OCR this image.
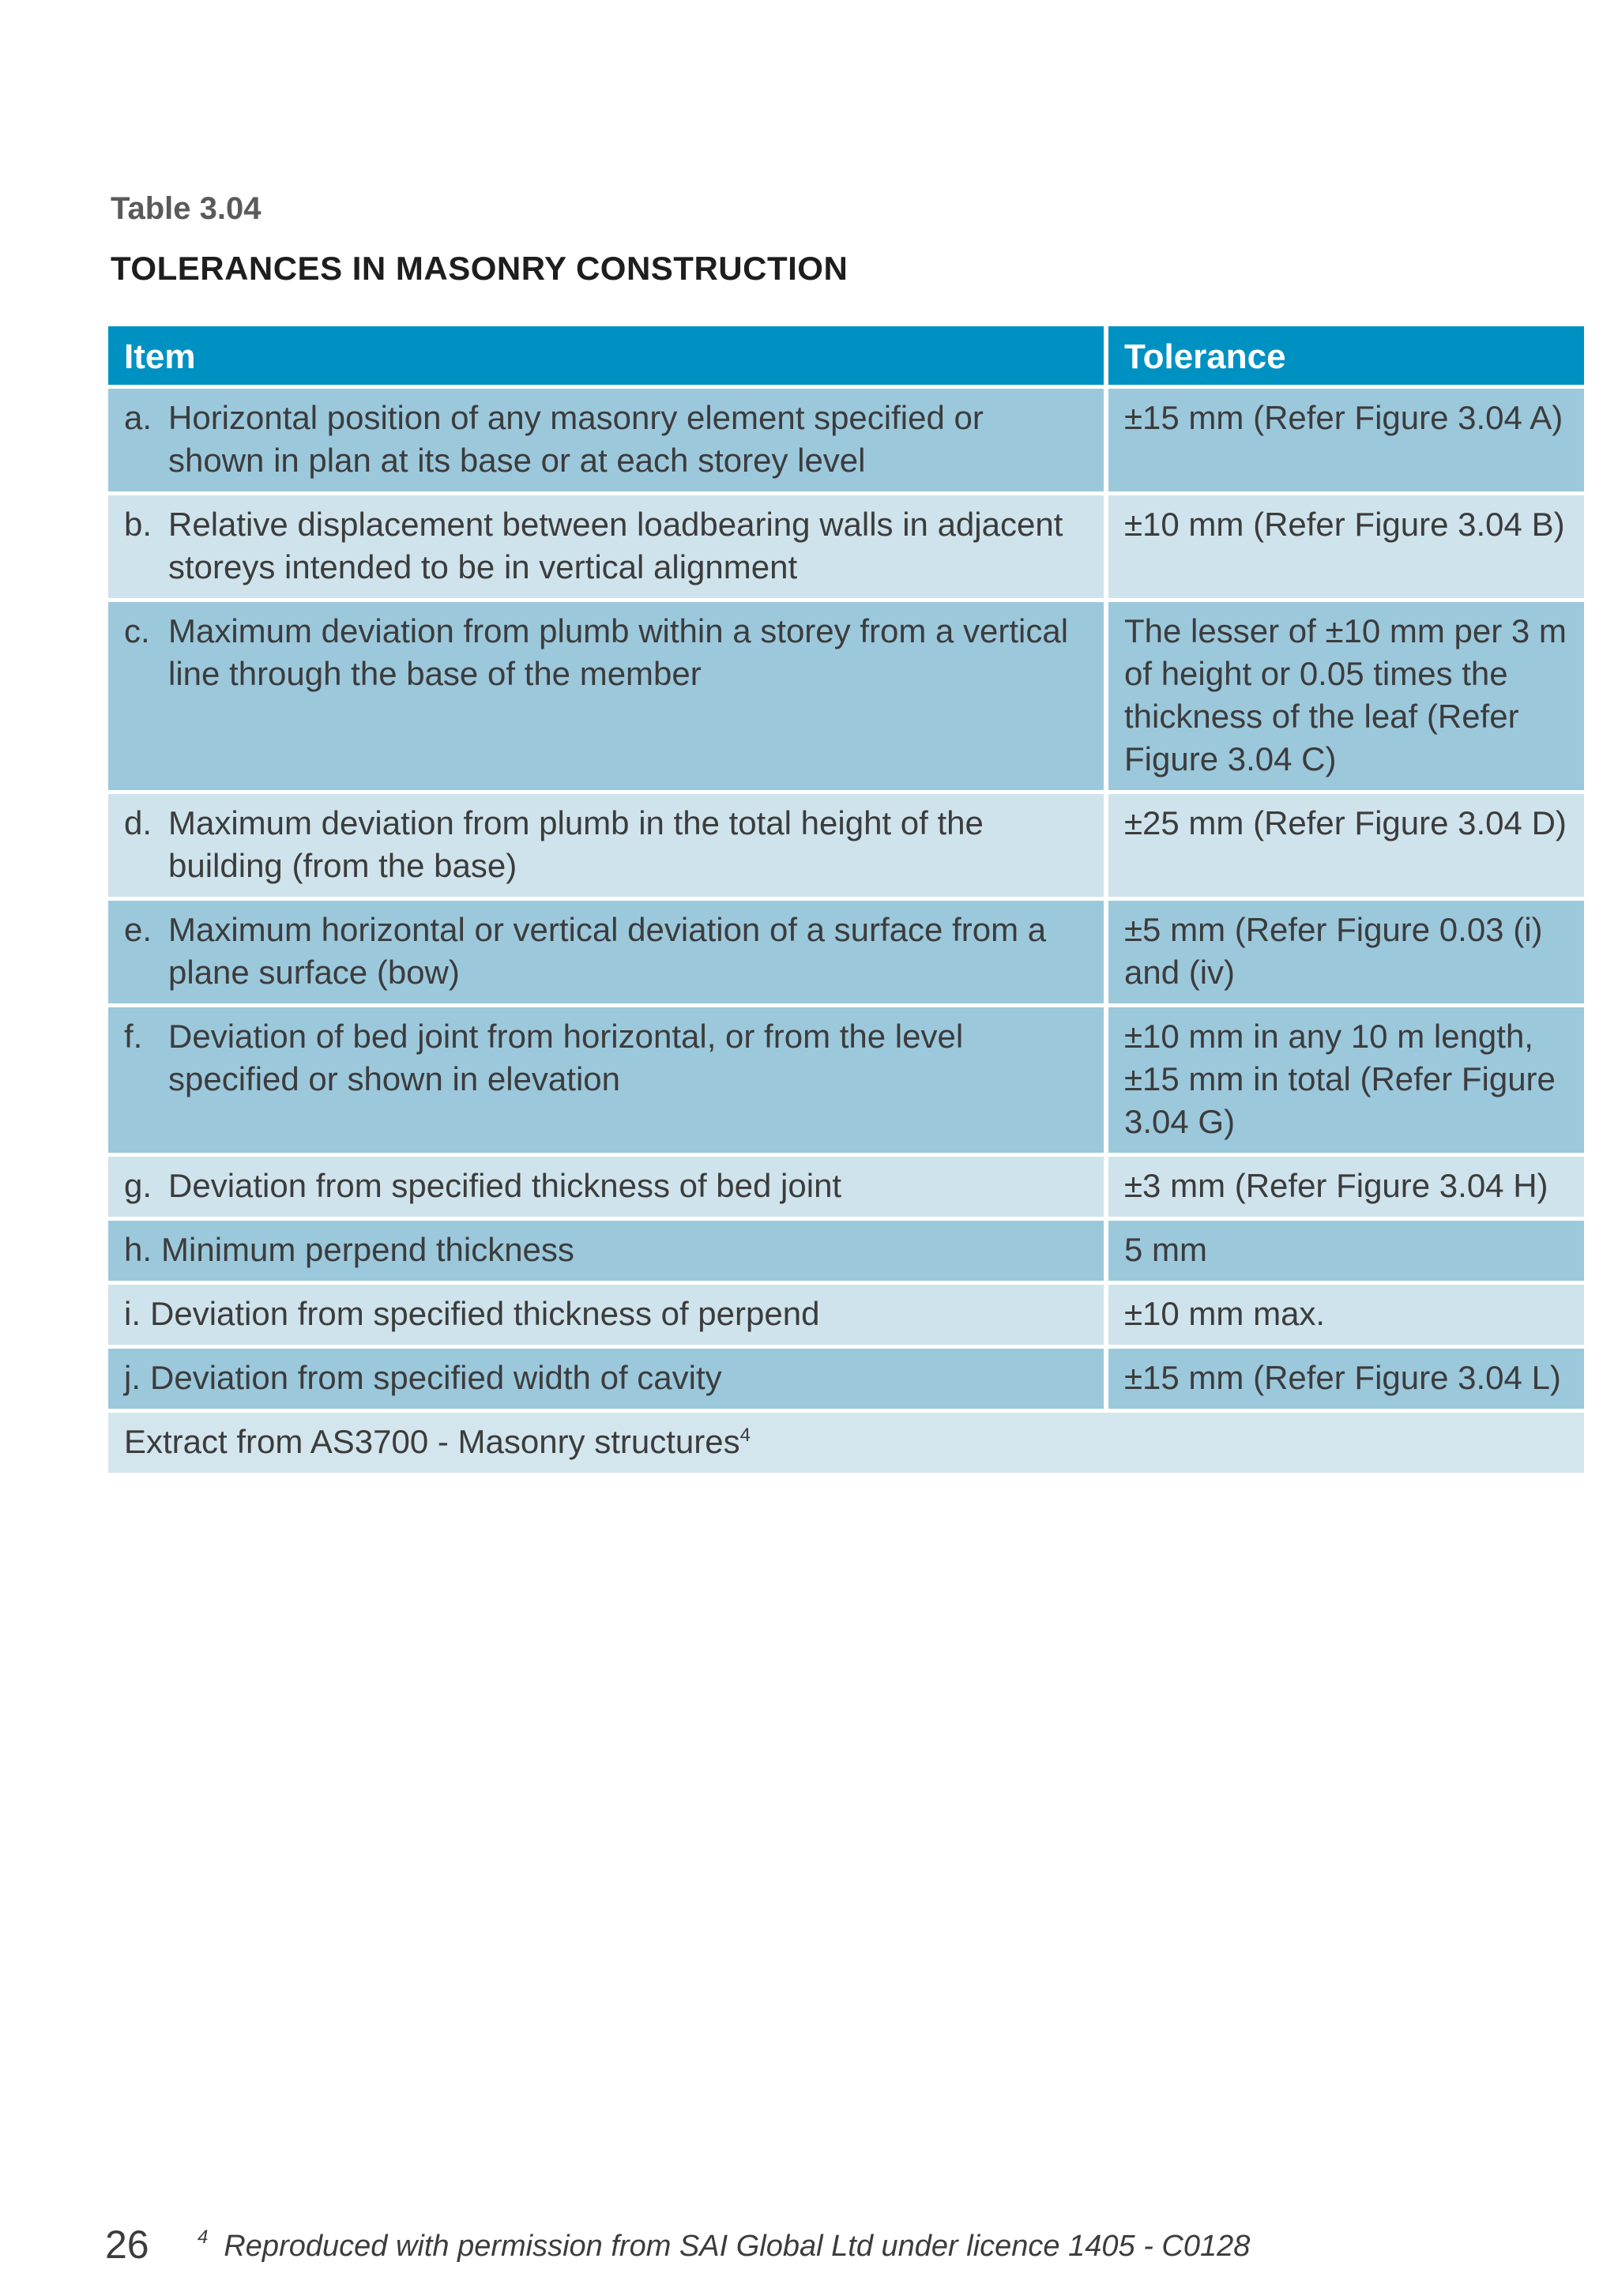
Table 3.04
TOLERANCES IN MASONRY CONSTRUCTION
Item	Tolerance

a. Horizontal position of any masonry element specified or shown in plan at its base or at each storey level	±15 mm (Refer Figure 3.04 A)

b. Relative displacement between loadbearing walls in adjacent storeys intended to be in vertical alignment	±10 mm (Refer Figure 3.04 B)

c. Maximum deviation from plumb within a storey from a vertical line through the base of the member	The lesser of ±10 mm per 3 m of height or 0.05 times the thickness of the leaf (Refer Figure 3.04 C)

d. Maximum deviation from plumb in the total height of the building (from the base)	±25 mm (Refer Figure 3.04 D)

e. Maximum horizontal or vertical deviation of a surface from a plane surface (bow)	±5 mm (Refer Figure 0.03 (i) and (iv)

f. Deviation of bed joint from horizontal, or from the level specified or shown in elevation	±10 mm in any 10 m length, ±15 mm in total (Refer Figure 3.04 G)

g. Deviation from specified thickness of bed joint	±3 mm (Refer Figure 3.04 H)

h. Minimum perpend thickness	5 mm

i. Deviation from specified thickness of perpend	±10 mm max.

j. Deviation from specified width of cavity	±15 mm (Refer Figure 3.04 L)
Extract from AS3700 - Masonry structures$^4$
26	$^4$ Reproduced with permission from SAI Global Ltd under licence 1405 - C0128
